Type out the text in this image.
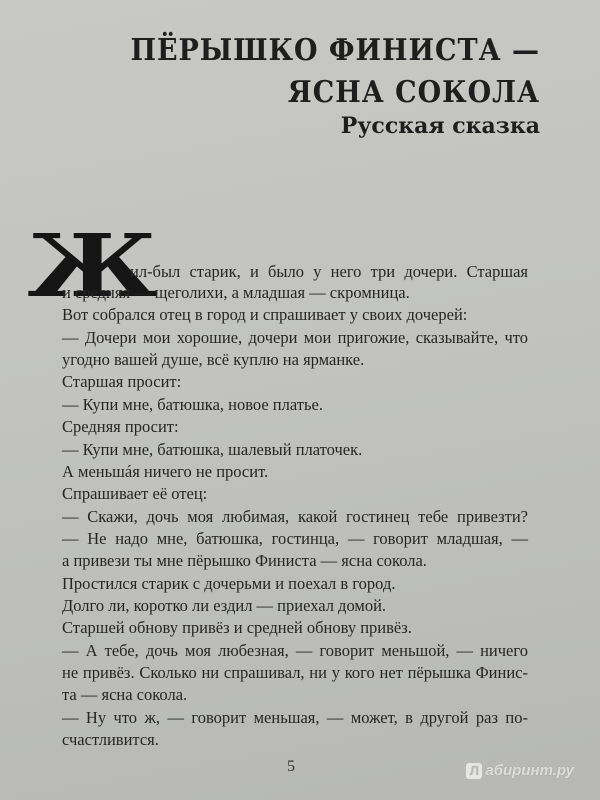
ПЁРЫШКО ФИНИСТА —
ЯСНА СОКОЛА
Русская сказка
Ж
ил-был старик, и было у него три дочери. Старшая
и средняя — щеголихи, а младшая — скромница.
Вот собрался отец в город и спрашивает у своих дочерей:
— Дочери мои хорошие, дочери мои пригожие, сказывайте, что
угодно вашей душе, всё куплю на ярманке.
Старшая просит:
— Купи мне, батюшка, новое платье.
Средняя просит:
— Купи мне, батюшка, шалевый платочек.
А меньшáя ничего не просит.
Спрашивает её отец:
— Скажи, дочь моя любимая, какой гостинец тебе привезти?
— Не надо мне, батюшка, гостинца, — говорит младшая, —
а привези ты мне пёрышко Финиста — ясна сокола.
Простился старик с дочерьми и поехал в город.
Долго ли, коротко ли ездил — приехал домой.
Старшей обнову привёз и средней обнову привёз.
— А тебе, дочь моя любезная, — говорит меньшой, — ничего
не привёз. Сколько ни спрашивал, ни у кого нет пёрышка Финис-
та — ясна сокола.
— Ну что ж, — говорит меньшая, — может, в другой раз по-
счастливится.
5	Л абиринт.ру
